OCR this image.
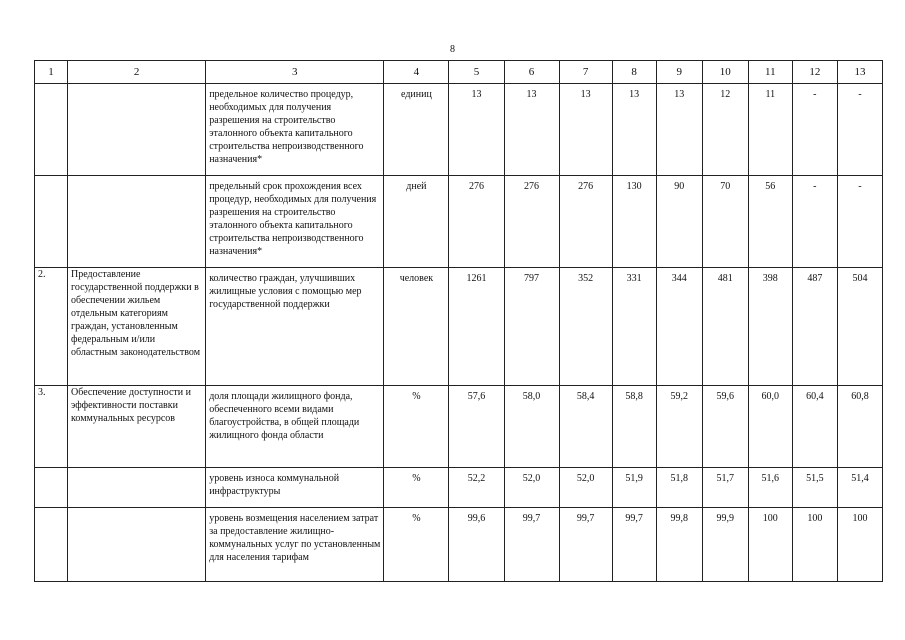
8
1	2	3	4	5	6	7	8	9	10	11	12	13
		предельное количество процедур, необходимых для получения разрешения на строительство эталонного объекта капитального строительства непроизводственного назначения*	единиц	13	13	13	13	13	12	11	-	-
		предельный срок прохождения всех процедур, необходимых для получения разрешения на строительство эталонного объекта капитального строительства непроизводственного назначения*	дней	276	276	276	130	90	70	56	-	-
2.	Предоставление государственной поддержки в обеспечении жильем отдельным категориям граждан, установленным федеральным и/или областным законодательством	количество граждан, улучшивших жилищные условия с помощью мер государственной поддержки	человек	1261	797	352	331	344	481	398	487	504
3.	Обеспечение доступности и эффективности поставки коммунальных ресурсов	доля площади жилищного фонда, обеспеченного всеми видами благоустройства, в общей площади жилищного фонда области	%	57,6	58,0	58,4	58,8	59,2	59,6	60,0	60,4	60,8
		уровень износа коммунальной инфраструктуры	%	52,2	52,0	52,0	51,9	51,8	51,7	51,6	51,5	51,4
		уровень возмещения населением затрат за предоставление жилищно-коммунальных услуг по установленным для населения тарифам	%	99,6	99,7	99,7	99,7	99,8	99,9	100	100	100
